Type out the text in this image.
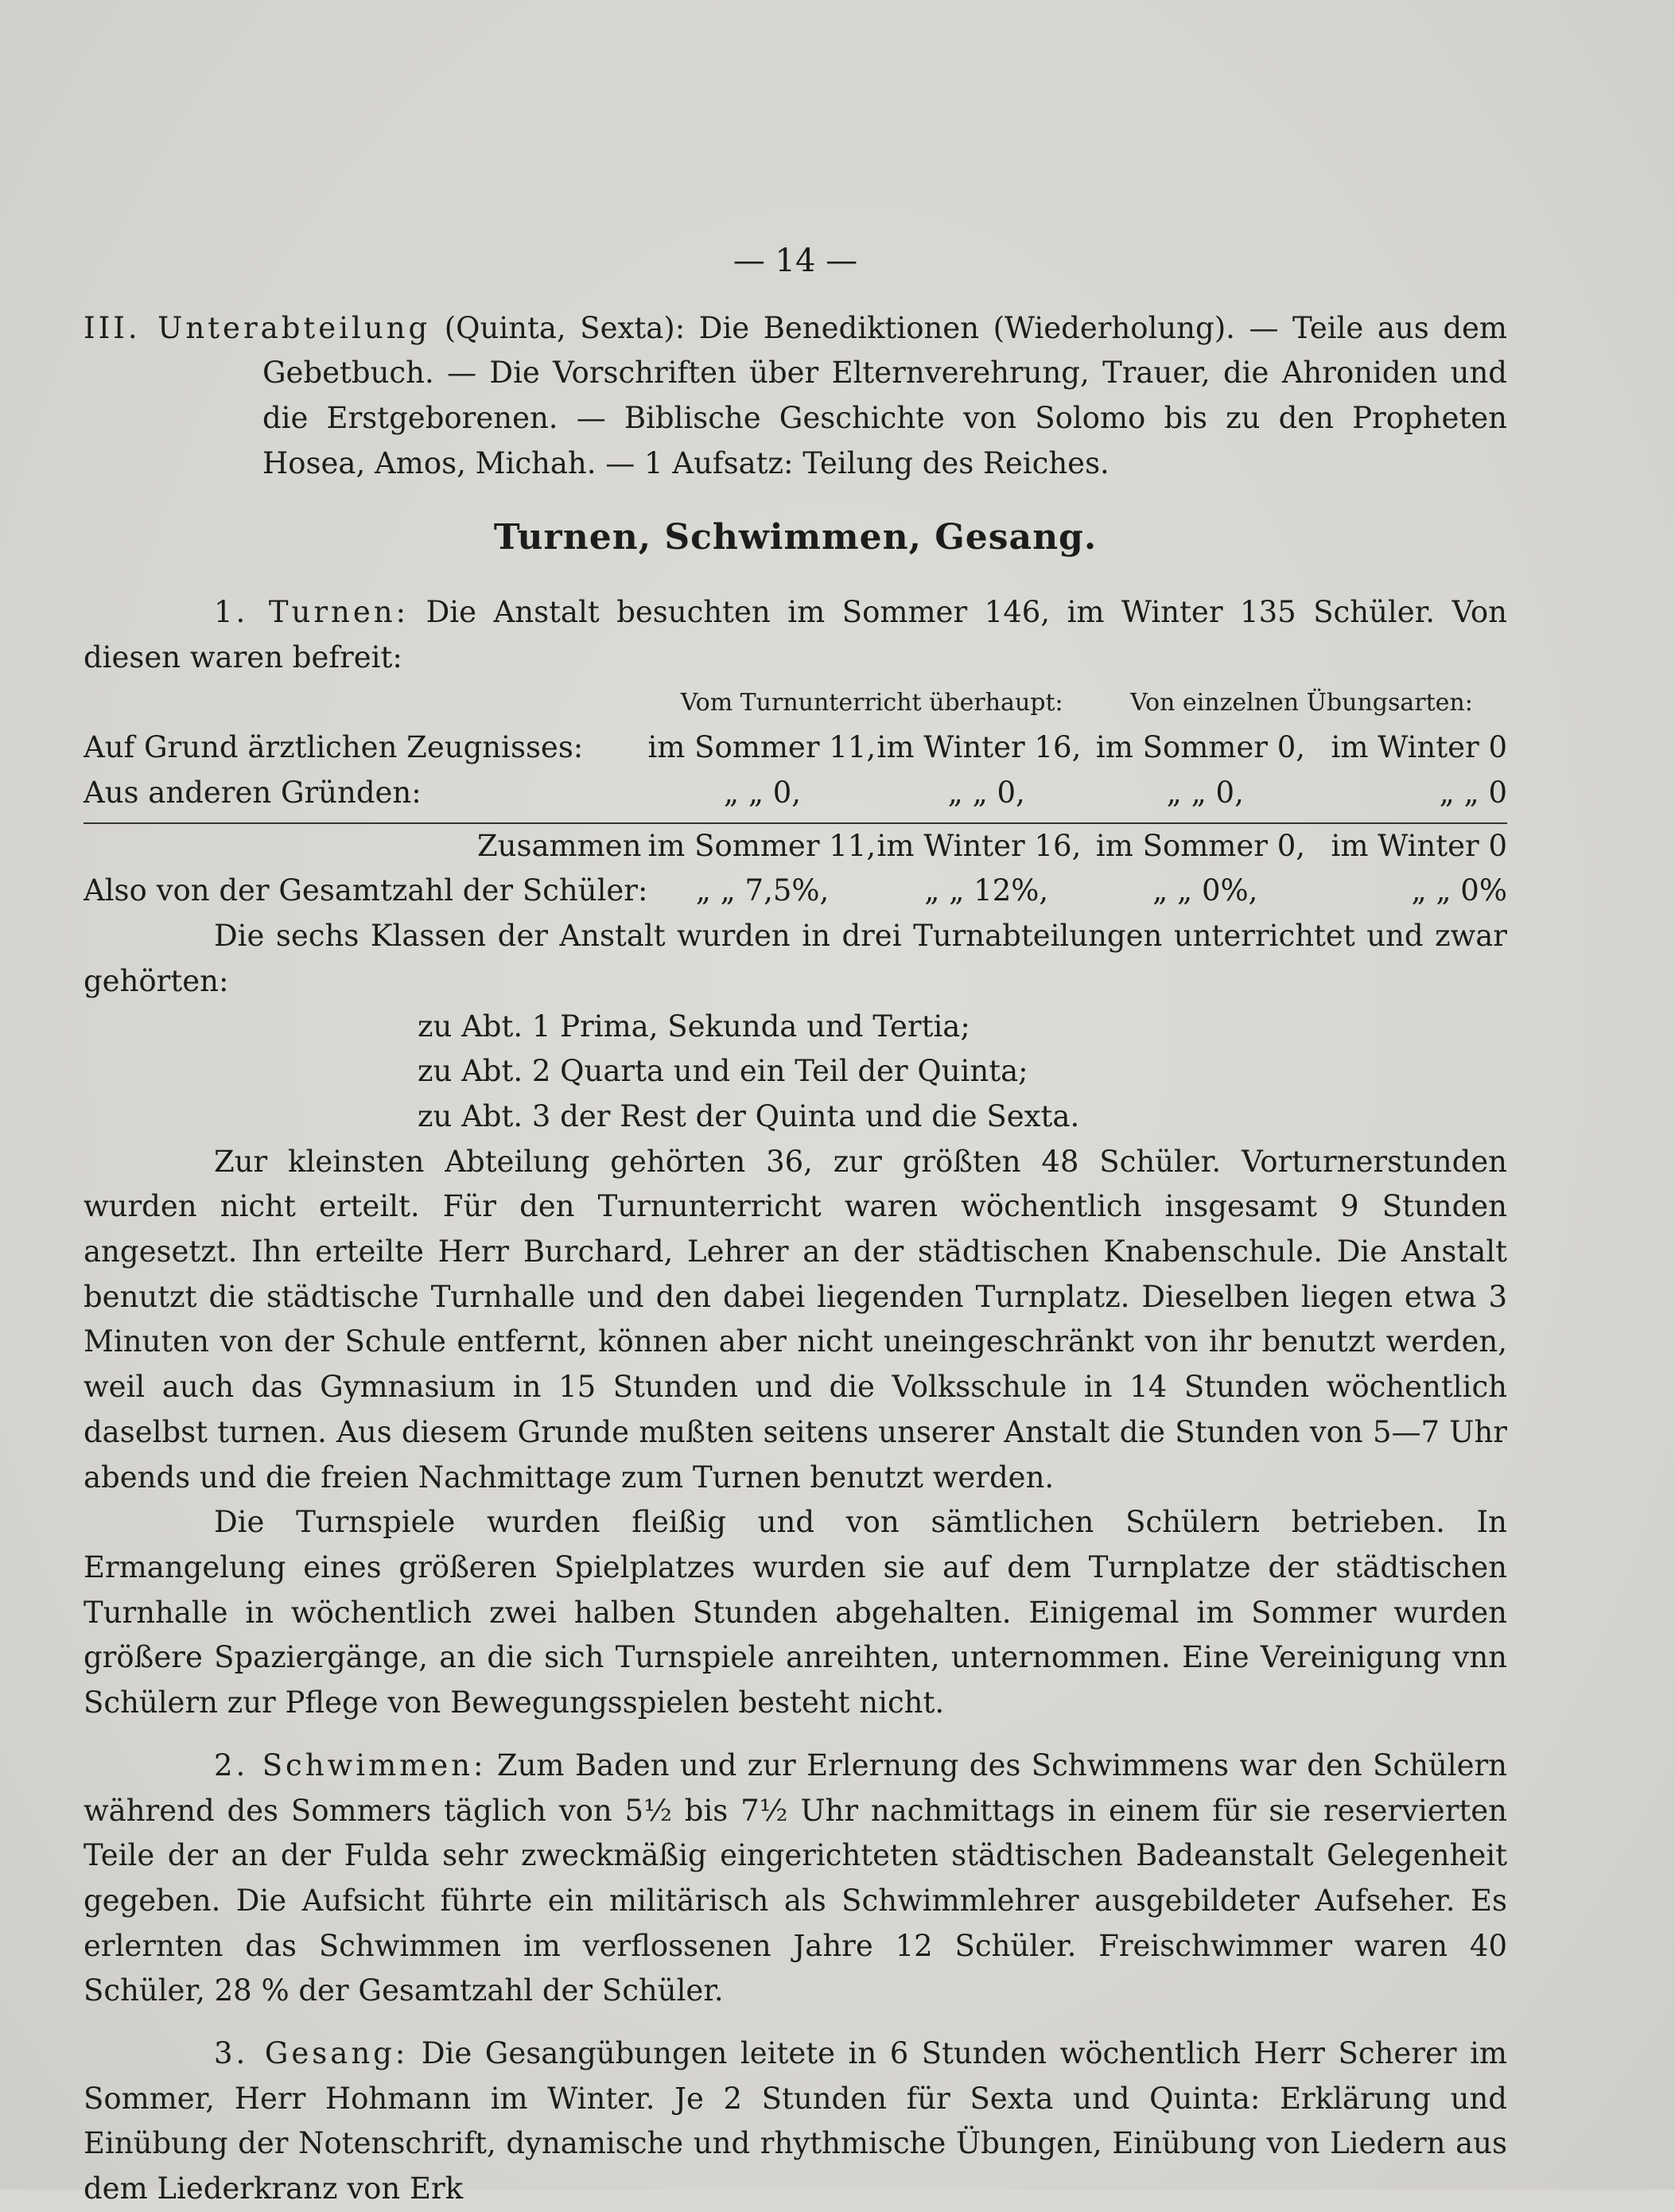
— 14 —

III. Unterabteilung (Quinta, Sexta): Die Benediktionen (Wiederholung). — Teile aus dem Gebetbuch. — Die Vorschriften über Elternverehrung, Trauer, die Ahroniden und die Erstgeborenen. — Biblische Geschichte von Solomo bis zu den Propheten Hosea, Amos, Michah. — 1 Aufsatz: Teilung des Reiches.

Turnen, Schwimmen, Gesang.

1. Turnen: Die Anstalt besuchten im Sommer 146, im Winter 135 Schüler. Von diesen waren befreit:

	Vom Turnunterricht überhaupt:		Von einzelnen Übungsarten:	
Auf Grund ärztlichen Zeugnisses:	im Sommer 11,	im Winter 16,	im Sommer 0,	im Winter 0
Aus anderen Gründen:	„ „ 0,	„ „ 0,	„ „ 0,	„ „ 0

Zusammen	im Sommer 11,	im Winter 16,	im Sommer 0,	im Winter 0
Also von der Gesamtzahl der Schüler:	„ „ 7,5%,	„ „ 12%,	„ „ 0%,	„ „ 0%

Die sechs Klassen der Anstalt wurden in drei Turnabteilungen unterrichtet und zwar gehörten:

zu Abt. 1 Prima, Sekunda und Tertia;
zu Abt. 2 Quarta und ein Teil der Quinta;
zu Abt. 3 der Rest der Quinta und die Sexta.

Zur kleinsten Abteilung gehörten 36, zur größten 48 Schüler. Vorturnerstunden wurden nicht erteilt. Für den Turnunterricht waren wöchentlich insgesamt 9 Stunden angesetzt. Ihn erteilte Herr Burchard, Lehrer an der städtischen Knabenschule. Die Anstalt benutzt die städtische Turnhalle und den dabei liegenden Turnplatz. Dieselben liegen etwa 3 Minuten von der Schule entfernt, können aber nicht uneingeschränkt von ihr benutzt werden, weil auch das Gymnasium in 15 Stunden und die Volksschule in 14 Stunden wöchentlich daselbst turnen. Aus diesem Grunde mußten seitens unserer Anstalt die Stunden von 5—7 Uhr abends und die freien Nachmittage zum Turnen benutzt werden.

Die Turnspiele wurden fleißig und von sämtlichen Schülern betrieben. In Ermangelung eines größeren Spielplatzes wurden sie auf dem Turnplatze der städtischen Turnhalle in wöchentlich zwei halben Stunden abgehalten. Einigemal im Sommer wurden größere Spaziergänge, an die sich Turnspiele anreihten, unternommen. Eine Vereinigung vnn Schülern zur Pflege von Bewegungsspielen besteht nicht.

2. Schwimmen: Zum Baden und zur Erlernung des Schwimmens war den Schülern während des Sommers täglich von 5½ bis 7½ Uhr nachmittags in einem für sie reservierten Teile der an der Fulda sehr zweckmäßig eingerichteten städtischen Badeanstalt Gelegenheit gegeben. Die Aufsicht führte ein militärisch als Schwimmlehrer ausgebildeter Aufseher. Es erlernten das Schwimmen im verflossenen Jahre 12 Schüler. Freischwimmer waren 40 Schüler, 28 % der Gesamtzahl der Schüler.

3. Gesang: Die Gesangübungen leitete in 6 Stunden wöchentlich Herr Scherer im Sommer, Herr Hohmann im Winter. Je 2 Stunden für Sexta und Quinta: Erklärung und Einübung der Notenschrift, dynamische und rhythmische Übungen, Einübung von Liedern aus dem Liederkranz von Erk
